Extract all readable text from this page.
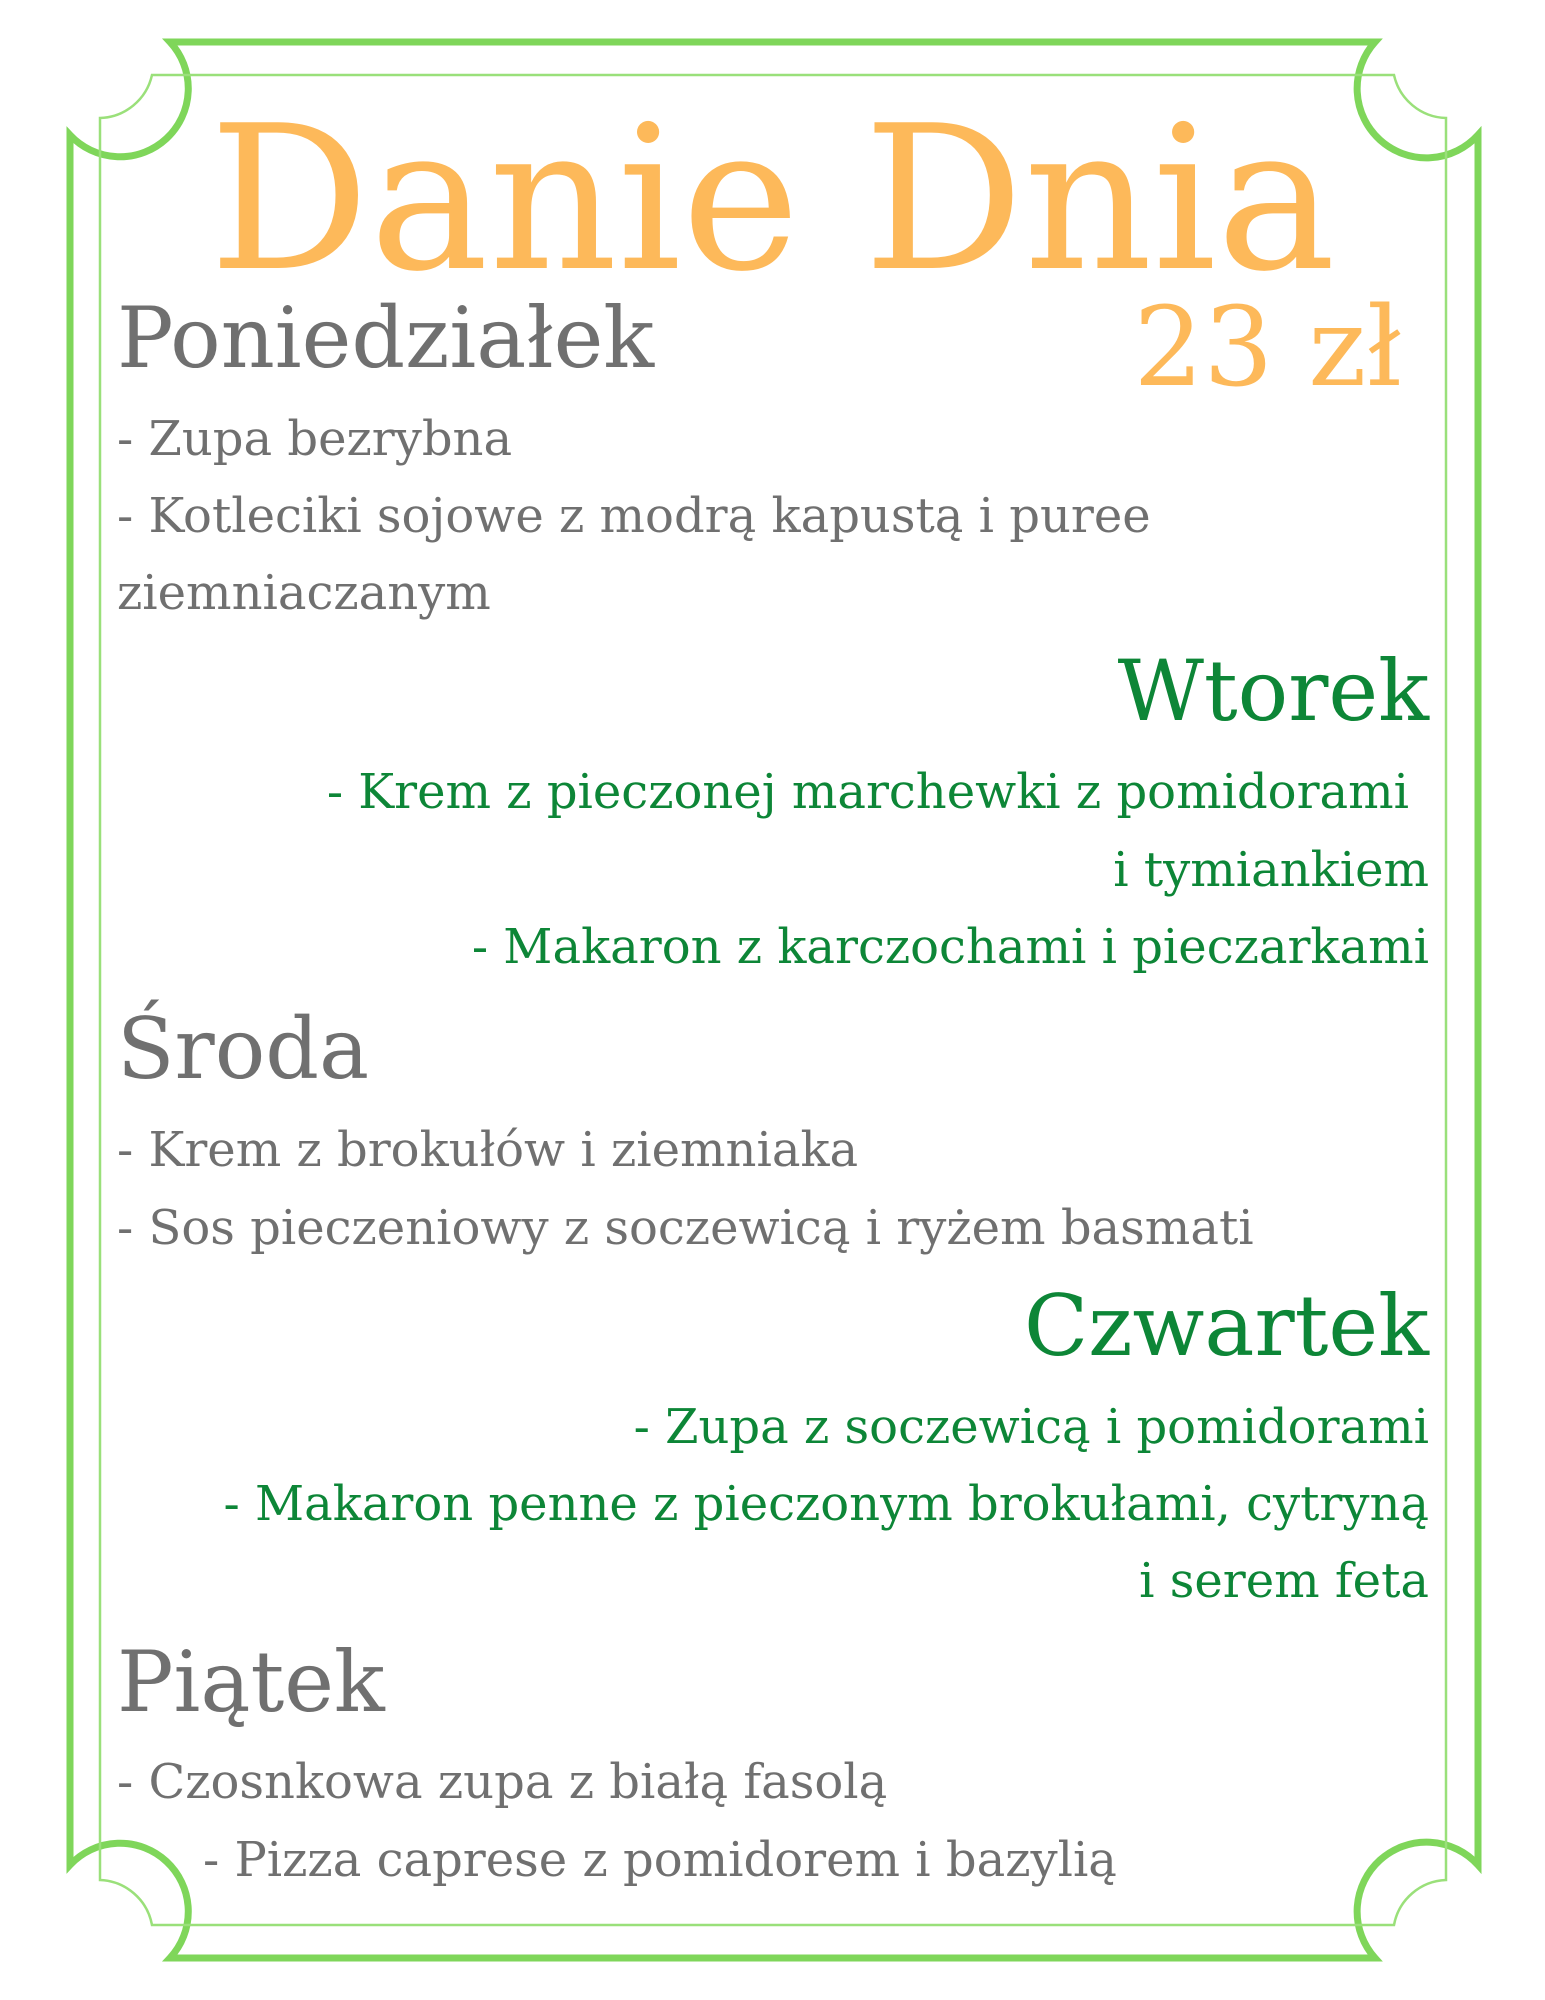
Danie Dnia
23 zł
Poniedziałek
- Zupa bezrybna
- Kotleciki sojowe z modrą kapustą i puree
ziemniaczanym
Wtorek
- Krem z pieczonej marchewki z pomidorami
i tymiankiem
- Makaron z karczochami i pieczarkami
Środa
- Krem z brokułów i ziemniaka
- Sos pieczeniowy z soczewicą i ryżem basmati
Czwartek
- Zupa z soczewicą i pomidorami
- Makaron penne z pieczonym brokułami, cytryną
i serem feta
Piątek
- Czosnkowa zupa z białą fasolą
- Pizza caprese z pomidorem i bazylią
